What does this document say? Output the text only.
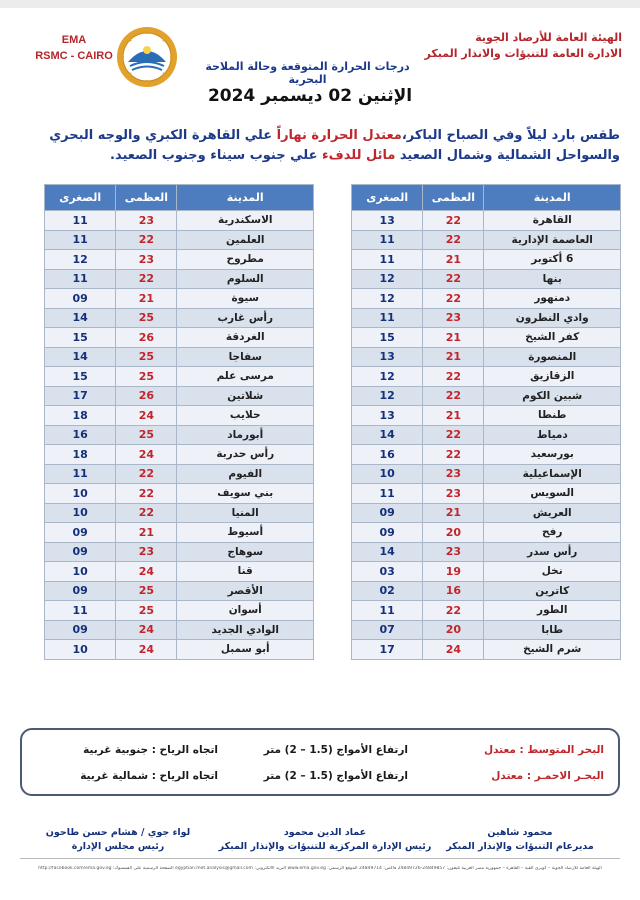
الهيئة العامة للأرصاد الجوية
الادارة العامة للتنبؤات والانذار المبكر
EMA
RSMC - CAIRO
درجات الحرارة المتوقعة وحالة الملاحة البحرية
الإثنين 02 ديسمبر 2024
طقس بارد ليلاً وفي الصباح الباكر،معتدل الحرارة نهاراً علي القاهرة الكبري والوجه البحري والسواحل الشمالية وشمال الصعيد مائل للدفء علي جنوب سيناء وجنوب الصعيد.
المدينة	العظمى	الصغرى
القاهرة	22	13
العاصمة الإدارية	22	11
6 أكتوبر	21	11
بنها	22	12
دمنهور	22	12
وادي النطرون	23	11
كفر الشيخ	21	15
المنصورة	21	13
الزقازيق	22	12
شبين الكوم	22	12
طنطا	21	13
دمياط	22	14
بورسعيد	22	16
الإسماعيلية	23	10
السويس	23	11
العريش	21	09
رفح	20	09
رأس سدر	23	14
نخل	19	03
كاترين	16	02
الطور	22	11
طابا	20	07
شرم الشيخ	24	17
المدينة	العظمى	الصغرى
الاسكندرية	23	11
العلمين	22	11
مطروح	23	12
السلوم	22	11
سيوة	21	09
رأس غارب	25	14
الغردقة	26	15
سفاجا	25	14
مرسى علم	25	15
شلاتين	26	17
حلايب	24	18
أبورماد	25	16
رأس حدربة	24	18
الفيوم	22	11
بني سويف	22	10
المنيا	22	10
أسيوط	21	09
سوهاج	23	09
قنا	24	10
الأقصر	25	09
أسوان	25	11
الوادي الجديد	24	09
أبو سمبل	24	10
البحر المتوسط : معتدل
ارتفاع الأمواج (1.5 – 2) متر
اتجاه الرياح : جنوبية غربية
البحـر الاحمـر : معتدل
ارتفاع الأمواج (1.5 – 2) متر
اتجاه الرياح : شمالية غربية
محمود شاهين
مديرعام التنبؤات والإنذار المبكر
عماد الدين محمود
رئيس الإدارة المركزية للتنبؤات والإنذار المبكر
لواء جوي / هشام حسن طاحون
رئيس مجلس الإدارة
الهيئة العامة للأرصاد الجوية – كوبري القبة – القاهرة – جمهورية مصر العربية تليفون: 24849857-24849726 فاكس: 24849714 الموقع الرسمي: www.ema.gov.eg البريد الالكتروني: egyptian.met.analysis@gmail.com الصفحة الرسمية على الفيسبوك: http://facebook.com/ema.gov.eg
